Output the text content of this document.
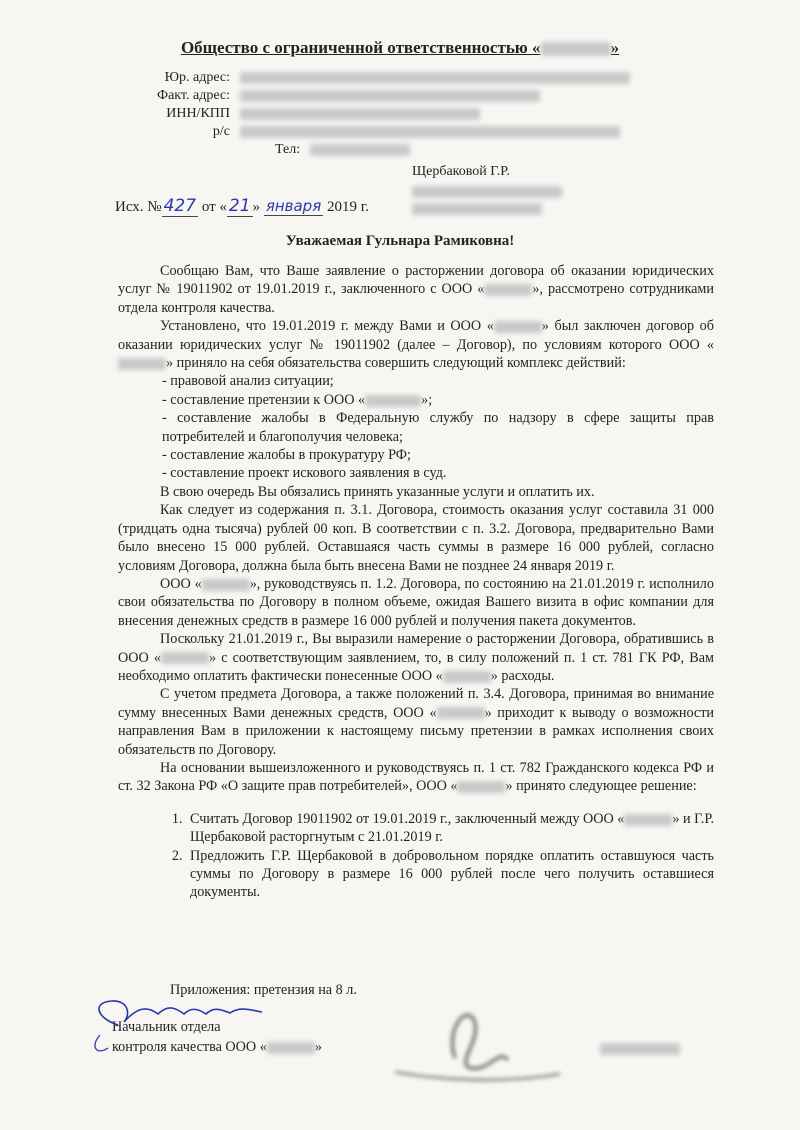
Общество с ограниченной ответственностью «	»
Юр. адрес:
Факт. адрес:
ИНН/КПП
р/с
Тел:
Щербаковой Г.Р.
Исх. № 427 от « 21 » января 2019 г.
Уважаемая Гульнара Рамиковна!

Сообщаю Вам, что Ваше заявление о расторжении договора об оказании юридических услуг № 19011902 от 19.01.2019 г., заключенного с ООО «	», рассмотрено сотрудниками отдела контроля качества.

Установлено, что 19.01.2019 г. между Вами и ООО «	» был заключен договор об оказании юридических услуг № 19011902 (далее – Договор), по условиям которого ООО «» приняло на себя обязательства совершить следующий комплекс действий:

- правовой анализ ситуации;

- составление претензии к ООО «	»;

- составление жалобы в Федеральную службу по надзору в сфере защиты прав потребителей и благополучия человека;

- составление жалобы в прокуратуру РФ;

- составление проект искового заявления в суд.

В свою очередь Вы обязались принять указанные услуги и оплатить их.

Как следует из содержания п. 3.1. Договора, стоимость оказания услуг составила 31 000 (тридцать одна тысяча) рублей 00 коп. В соответствии с п. 3.2. Договора, предварительно Вами было внесено 15 000 рублей. Оставшаяся часть суммы в размере 16 000 рублей, согласно условиям Договора, должна была быть внесена Вами не позднее 24 января 2019 г.

ООО «	», руководствуясь п. 1.2. Договора, по состоянию на 21.01.2019 г. исполнило свои обязательства по Договору в полном объеме, ожидая Вашего визита в офис компании для внесения денежных средств в размере 16 000 рублей и получения пакета документов.

Поскольку 21.01.2019 г., Вы выразили намерение о расторжении Договора, обратившись в ООО «	» с соответствующим заявлением, то, в силу положений п. 1 ст. 781 ГК РФ, Вам необходимо оплатить фактически понесенные ООО «	» расходы.

С учетом предмета Договора, а также положений п. 3.4. Договора, принимая во внимание сумму внесенных Вами денежных средств, ООО «	» приходит к выводу о возможности направления Вам в приложении к настоящему письму претензии в рамках исполнения своих обязательств по Договору.

На основании вышеизложенного и руководствуясь п. 1 ст. 782 Гражданского кодекса РФ и ст. 32 Закона РФ «О защите прав потребителей», ООО «	» принято следующее решение:

1. Считать Договор 19011902 от 19.01.2019 г., заключенный между ООО «	» и Г.Р. Щербаковой расторгнутым с 21.01.2019 г.
2. Предложить Г.Р. Щербаковой в добровольном порядке оплатить оставшуюся часть суммы по Договору в размере 16 000 рублей после чего получить оставшиеся документы.
Приложения: претензия на 8 л.
Начальник отдела
контроля качества ООО «	»
